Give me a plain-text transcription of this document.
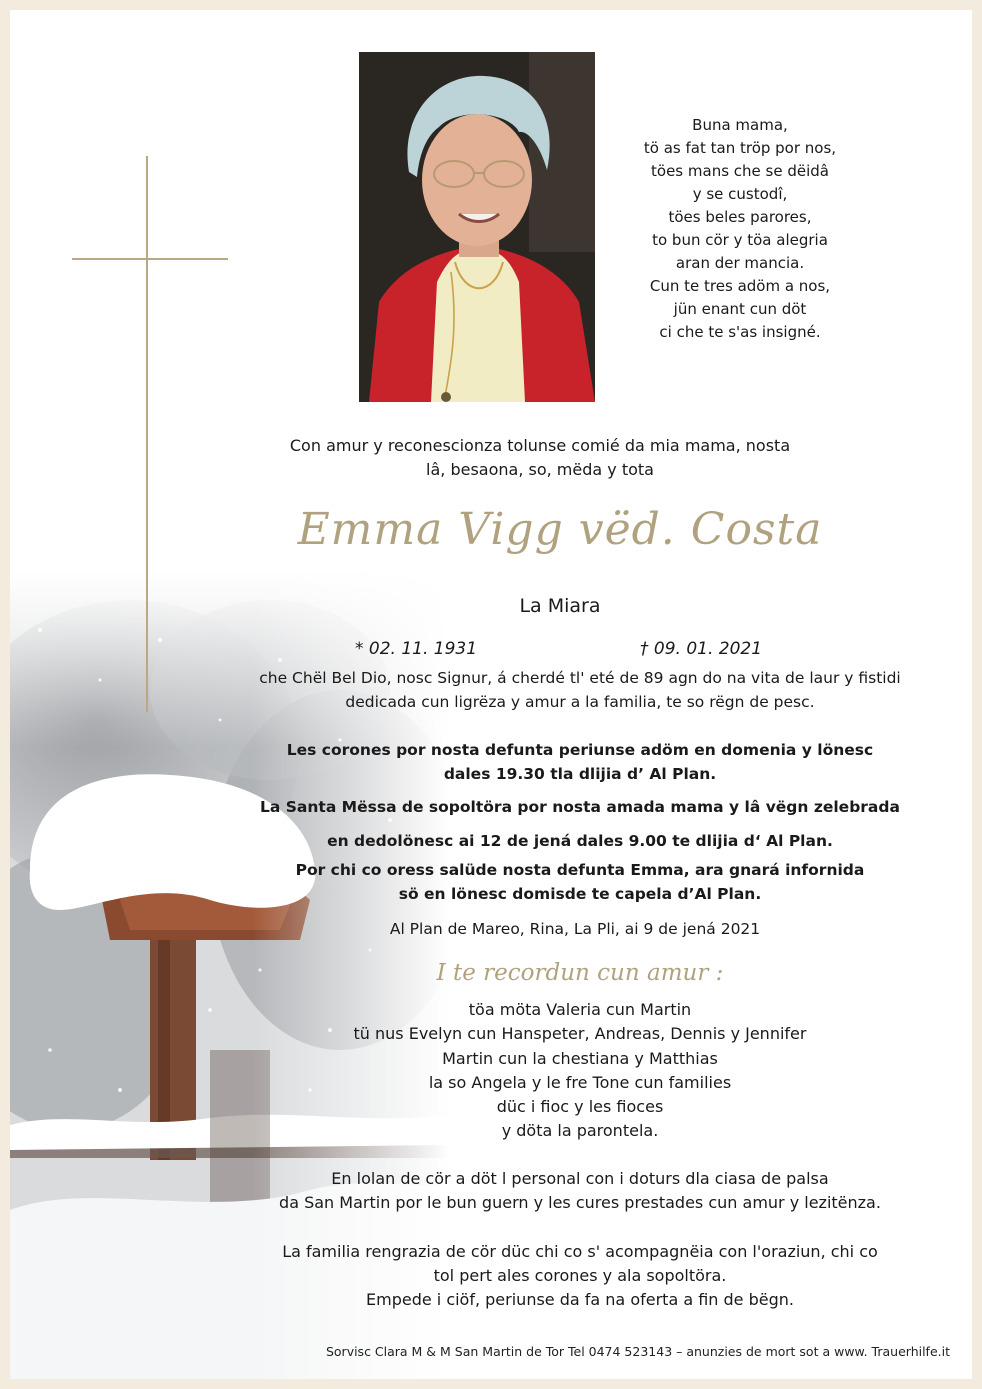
Buna mama,
tö as fat tan tröp por nos,
töes mans che se dëidâ
y se custodî,
töes beles parores,
to bun cör y töa alegria
aran der mancia.
Cun te tres adöm a nos,
jün enant cun döt
ci che te s'as insigné.
Con amur y reconescionza tolunse comié da mia mama, nosta
lâ, besaona, so, mëda y tota
Emma Vigg vëd. Costa
La Miara
* 02. 11. 1931	† 09. 01. 2021
che Chël Bel Dio, nosc Signur, á cherdé tl' eté de 89 agn do na vita de laur y fistidi
dedicada cun ligrëza y amur a la familia, te so rëgn de pesc.
Les corones por nosta defunta periunse adöm en domenia y lönesc
dales 19.30 tla dlijia d’ Al Plan.
La Santa Mëssa de sopoltöra por nosta amada mama y lâ vëgn zelebrada
en dedolönesc ai 12 de jená dales 9.00 te dlijia d‘ Al Plan.
Por chi co oress salüde nosta defunta Emma, ara gnará infornida
sö en lönesc domisde te capela d’Al Plan.
Al Plan de Mareo, Rina, La Pli, ai 9 de jená 2021
I te recordun cun amur :
töa möta Valeria cun Martin
tü nus Evelyn cun Hanspeter, Andreas, Dennis y Jennifer
Martin cun la chestiana y Matthias
la so Angela y le fre Tone cun families
düc i fioc y les fioces
y döta la parontela.
En lolan de cör a döt l personal con i doturs dla ciasa de palsa
da San Martin por le bun guern y les cures prestades cun amur y lezitënza.
La familia rengrazia de cör düc chi co s' acompagnëia con l'oraziun, chi co
tol pert ales corones y ala sopoltöra.
Empede i ciöf, periunse da fa na oferta a fin de bëgn.
Sorvisc Clara M & M San Martin de Tor Tel 0474 523143 – anunzies de mort sot a www. Trauerhilfe.it
